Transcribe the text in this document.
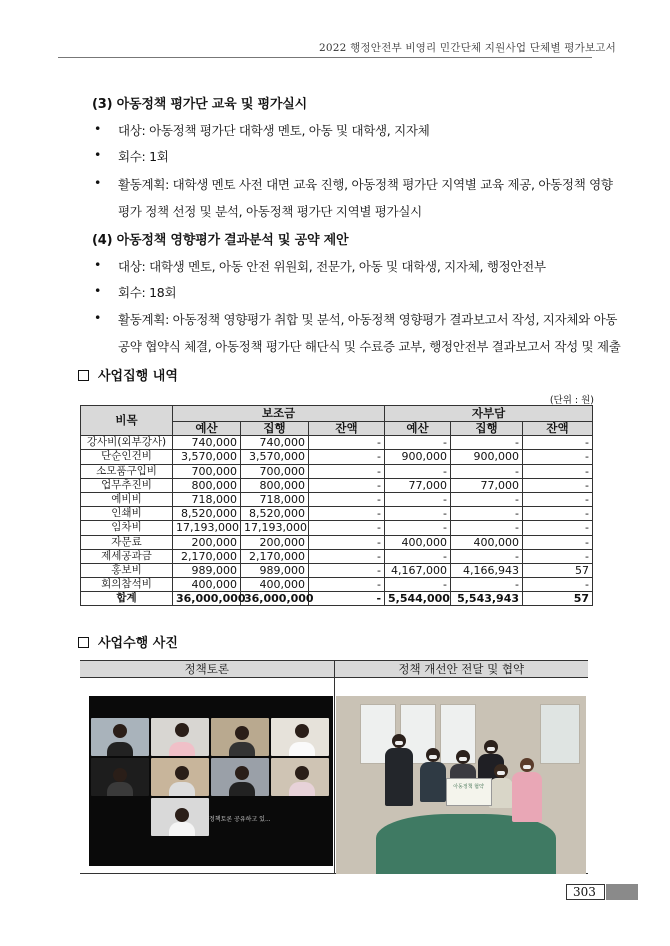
2022 행정안전부 비영리 민간단체 지원사업 단체별 평가보고서
(3) 아동정책 평가단 교육 및 평가실시
• 대상: 아동정책 평가단 대학생 멘토, 아동 및 대학생, 지자체
• 회수: 1회
• 활동계획: 대학생 멘토 사전 대면 교육 진행, 아동정책 평가단 지역별 교육 제공, 아동정책 영향
평가 정책 선정 및 분석, 아동정책 평가단 지역별 평가실시
(4) 아동정책 영향평가 결과분석 및 공약 제안
• 대상: 대학생 멘토, 아동 안전 위원회, 전문가, 아동 및 대학생, 지자체, 행정안전부
• 회수: 18회
• 활동계획: 아동정책 영향평가 취합 및 분석, 아동정책 영향평가 결과보고서 작성, 지자체와 아동
공약 협약식 체결, 아동정책 평가단 해단식 및 수료증 교부, 행정안전부 결과보고서 작성 및 제출
사업집행 내역
(단위 : 원)
비목	보조금			자부담		
	예산	집행	잔액	예산	집행	잔액
강사비(외부강사)	740,000	740,000	-	-	-	-
단순인건비	3,570,000	3,570,000	-	900,000	900,000	-
소모품구입비	700,000	700,000	-	-	-	-
업무추진비	800,000	800,000	-	77,000	77,000	-
예비비	718,000	718,000	-	-	-	-
인쇄비	8,520,000	8,520,000	-	-	-	-
임차비	17,193,000	17,193,000	-	-	-	-
자문료	200,000	200,000	-	400,000	400,000	-
제세공과금	2,170,000	2,170,000	-	-	-	-
홍보비	989,000	989,000	-	4,167,000	4,166,943	57
회의참석비	400,000	400,000	-	-	-	-
합계	36,000,000	36,000,000	-	5,544,000	5,543,943	57
사업수행 사진
정책토론	정책 개선안 전달 및 협약

정책토론 공유하고 있...	아동정책 협약
303
